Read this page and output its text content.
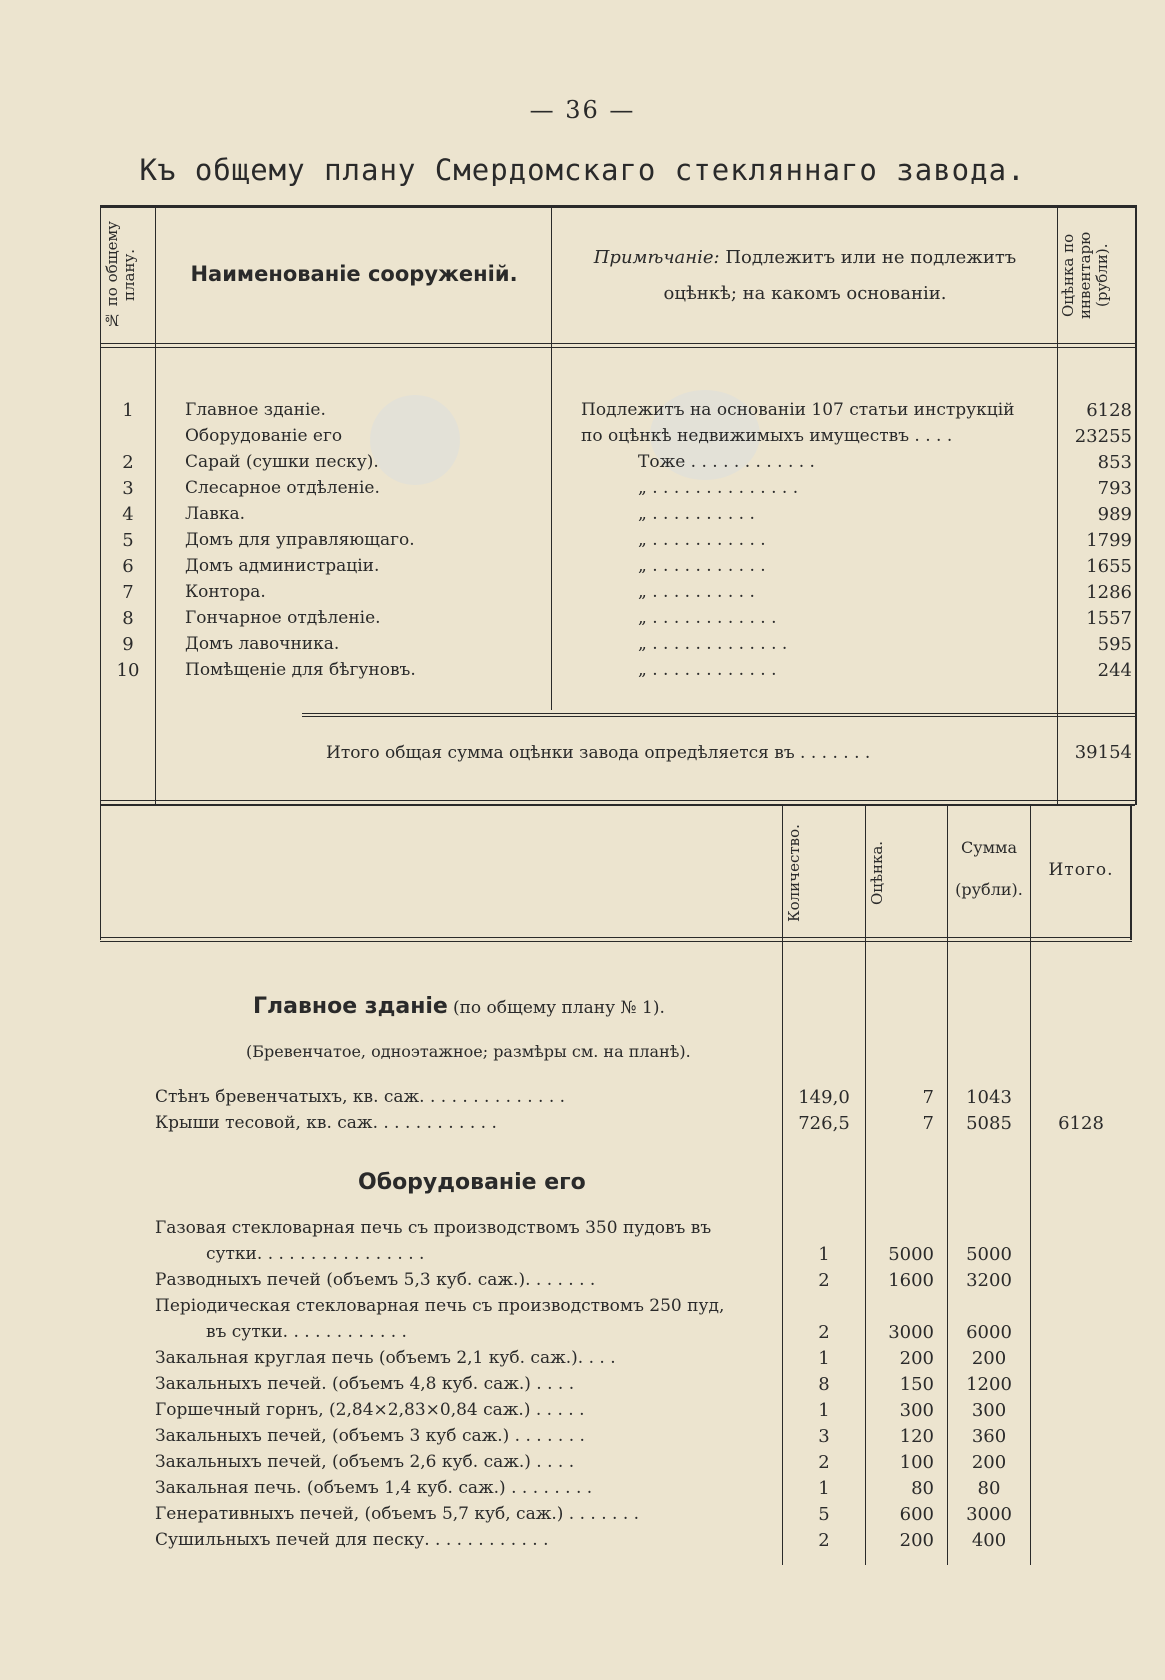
— 36 —
Къ общему плану Смердомскаго стекляннаго завода.
№ по общему плану.	Наименованіе сооруженій.
Примѣчаніе: Подлежитъ или не подлежитъ
оцѣнкѣ; на какомъ основаніи.	Оцѣнка по инвентарю (рубли).
1	Главное зданіе.	Подлежитъ на основаніи 107 статьи инструкцій	6128
Оборудованіе его	по оцѣнкѣ недвижимыхъ имуществъ . . . .	23255
2	Сарай (сушки песку).	Тоже . . . . . . . . . . . .	853
3	Слесарное отдѣленіе.	„ . . . . . . . . . . . . . .	793
4	Лавка.	„ . . . . . . . . . .	989
5	Домъ для управляющаго.	„ . . . . . . . . . . .	1799
6	Домъ администраціи.	„ . . . . . . . . . . .	1655
7	Контора.	„ . . . . . . . . . .	1286
8	Гончарное отдѣленіе.	„ . . . . . . . . . . . .	1557
9	Домъ лавочника.	„ . . . . . . . . . . . . .	595
10	Помѣщеніе для бѣгуновъ.	„ . . . . . . . . . . . .	244
Итого общая сумма оцѣнки завода опредѣляется въ . . . . . . .	39154
Количество.	Оцѣнка.	Сумма
(рубли).
Итого.
Главное зданіе (по общему плану № 1).
(Бревенчатое, одноэтажное; размѣры см. на планѣ).
Стѣнъ бревенчатыхъ, кв. саж. . . . . . . . . . . . . .	149,0	7	1043
Крыши тесовой, кв. саж. . . . . . . . . . . .	726,5	7	5085	6128
Оборудованіе его
Газовая стекловарная печь съ производствомъ 350 пудовъ въ
сутки. . . . . . . . . . . . . . . .	1	5000	5000
Разводныхъ печей (объемъ 5,3 куб. саж.). . . . . . .	2	1600	3200
Періодическая стекловарная печь съ производствомъ 250 пуд,
въ сутки. . . . . . . . . . . .	2	3000	6000
Закальная круглая печь (объемъ 2,1 куб. саж.). . . .	1	200	200
Закальныхъ печей. (объемъ 4,8 куб. саж.) . . . .	8	150	1200
Горшечный горнъ, (2,84×2,83×0,84 саж.) . . . . .	1	300	300
Закальныхъ печей, (объемъ 3 куб саж.) . . . . . . .	3	120	360
Закальныхъ печей, (объемъ 2,6 куб. саж.) . . . .	2	100	200
Закальная печь. (объемъ 1,4 куб. саж.) . . . . . . . .	1	80	80
Генеративныхъ печей, (объемъ 5,7 куб, саж.) . . . . . . .	5	600	3000
Сушильныхъ печей для песку. . . . . . . . . . . .	2	200	400
